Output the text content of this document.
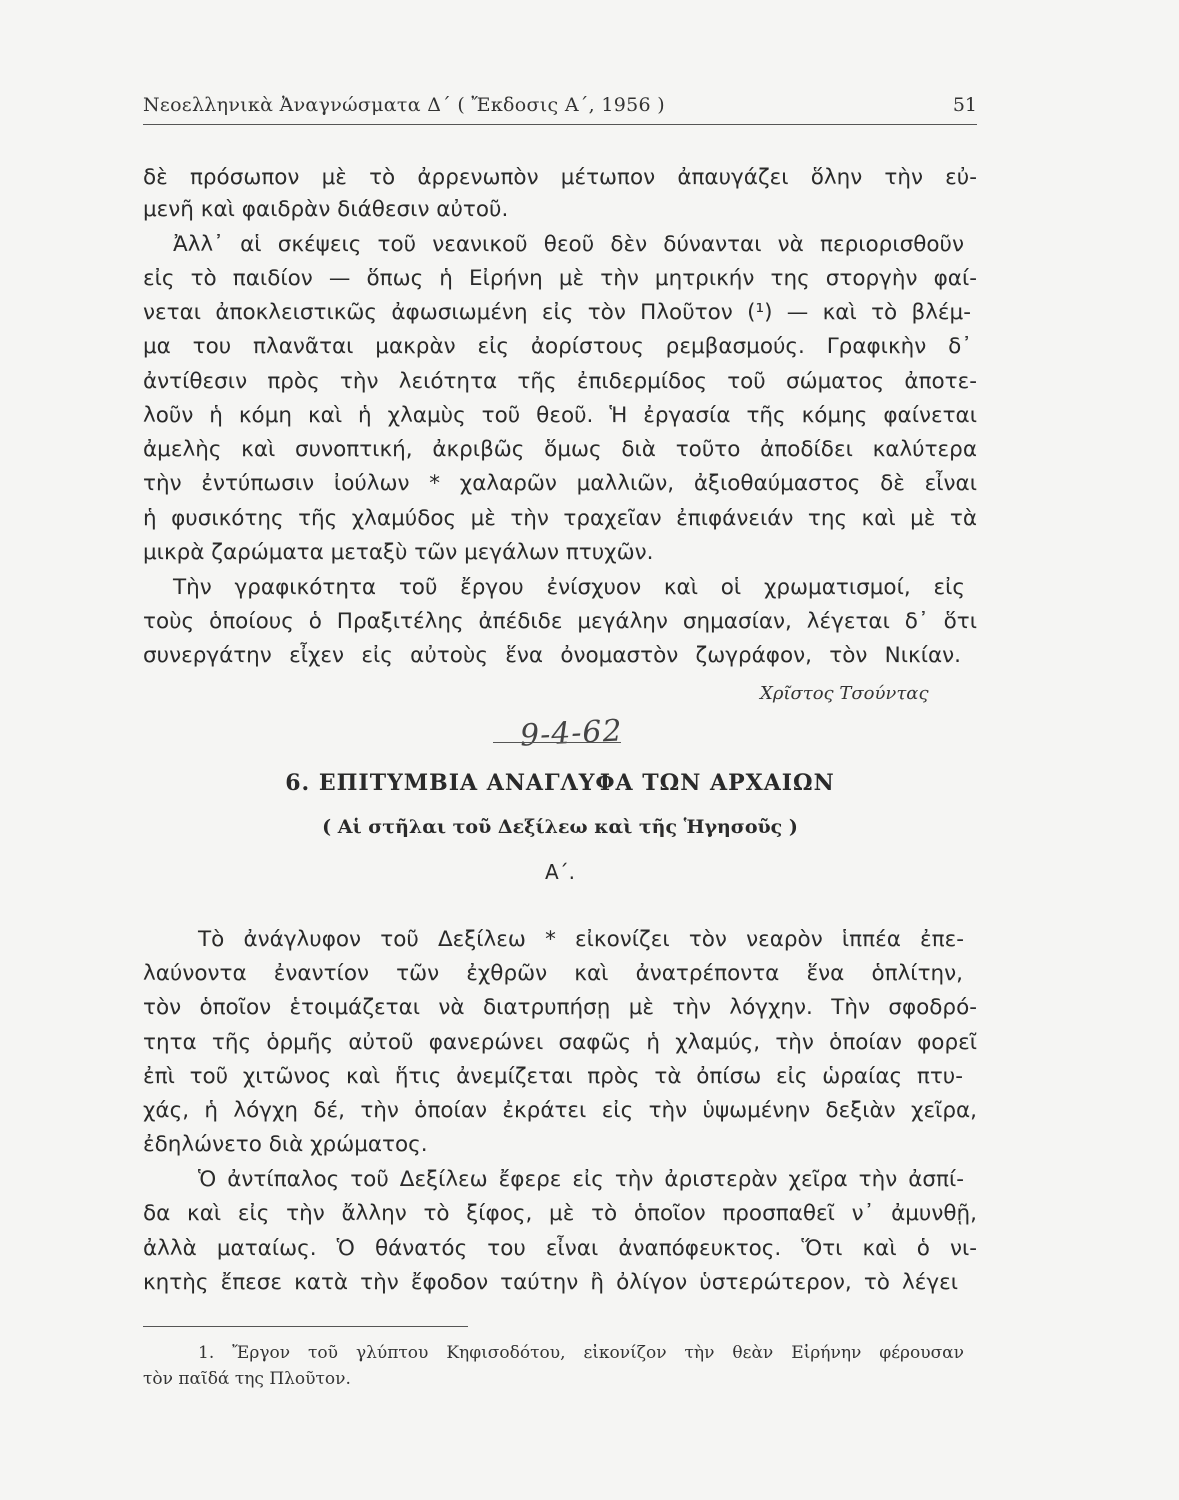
Νεοελληνικὰ Ἀναγνώσματα Δ΄ ( Ἔκδοσις Α΄, 1956 )	51
δὲ πρόσωπον μὲ τὸ ἀρρενωπὸν μέτωπον ἀπαυγάζει ὅλην τὴν εὐ-
μενῆ καὶ φαιδρὰν διάθεσιν αὐτοῦ.
Ἀλλ᾽ αἱ σκέψεις τοῦ νεανικοῦ θεοῦ δὲν δύνανται νὰ περιορισθοῦν
εἰς τὸ παιδίον — ὅπως ἡ Εἰρήνη μὲ τὴν μητρικήν της στοργὴν φαί-
νεται ἀποκλειστικῶς ἀφωσιωμένη εἰς τὸν Πλοῦτον (¹) — καὶ τὸ βλέμ-
μα του πλανᾶται μακρὰν εἰς ἀορίστους ρεμβασμούς. Γραφικὴν δ᾽
ἀντίθεσιν πρὸς τὴν λειότητα τῆς ἐπιδερμίδος τοῦ σώματος ἀποτε-
λοῦν ἡ κόμη καὶ ἡ χλαμὺς τοῦ θεοῦ. Ἡ ἐργασία τῆς κόμης φαίνεται
ἀμελὴς καὶ συνοπτική, ἀκριβῶς ὅμως διὰ τοῦτο ἀποδίδει καλύτερα
τὴν ἐντύπωσιν ἰούλων * χαλαρῶν μαλλιῶν, ἀξιοθαύμαστος δὲ εἶναι
ἡ φυσικότης τῆς χλαμύδος μὲ τὴν τραχεῖαν ἐπιφάνειάν της καὶ μὲ τὰ
μικρὰ ζαρώματα μεταξὺ τῶν μεγάλων πτυχῶν.
Τὴν γραφικότητα τοῦ ἔργου ἐνίσχυον καὶ οἱ χρωματισμοί, εἰς
τοὺς ὁποίους ὁ Πραξιτέλης ἀπέδιδε μεγάλην σημασίαν, λέγεται δ᾽ ὅτι
συνεργάτην εἶχεν εἰς αὐτοὺς ἕνα ὀνομαστὸν ζωγράφον, τὸν Νικίαν.
Χρῖστος Τσούντας
9-4-62
6. ΕΠΙΤΥΜΒΙΑ ΑΝΑΓΛΥΦΑ ΤΩΝ ΑΡΧΑΙΩΝ
( Αἱ στῆλαι τοῦ Δεξίλεω καὶ τῆς Ἡγησοῦς )
Α΄.
Τὸ ἀνάγλυφον τοῦ Δεξίλεω * εἰκονίζει τὸν νεαρὸν ἱππέα ἐπε-
λαύνοντα ἐναντίον τῶν ἐχθρῶν καὶ ἀνατρέποντα ἕνα ὁπλίτην,
τὸν ὁποῖον ἑτοιμάζεται νὰ διατρυπήσῃ μὲ τὴν λόγχην. Τὴν σφοδρό-
τητα τῆς ὁρμῆς αὐτοῦ φανερώνει σαφῶς ἡ χλαμύς, τὴν ὁποίαν φορεῖ
ἐπὶ τοῦ χιτῶνος καὶ ἥτις ἀνεμίζεται πρὸς τὰ ὀπίσω εἰς ὡραίας πτυ-
χάς, ἡ λόγχη δέ, τὴν ὁποίαν ἐκράτει εἰς τὴν ὑψωμένην δεξιὰν χεῖρα,
ἐδηλώνετο διὰ χρώματος.
Ὁ ἀντίπαλος τοῦ Δεξίλεω ἔφερε εἰς τὴν ἀριστερὰν χεῖρα τὴν ἀσπί-
δα καὶ εἰς τὴν ἄλλην τὸ ξίφος, μὲ τὸ ὁποῖον προσπαθεῖ ν᾽ ἀμυνθῇ,
ἀλλὰ ματαίως. Ὁ θάνατός του εἶναι ἀναπόφευκτος. Ὅτι καὶ ὁ νι-
κητὴς ἔπεσε κατὰ τὴν ἔφοδον ταύτην ἢ ὀλίγον ὑστερώτερον, τὸ λέγει
1. Ἔργον τοῦ γλύπτου Κηφισοδότου, εἰκονίζον τὴν θεὰν Εἰρήνην φέρουσαν
τὸν παῖδά της Πλοῦτον.
